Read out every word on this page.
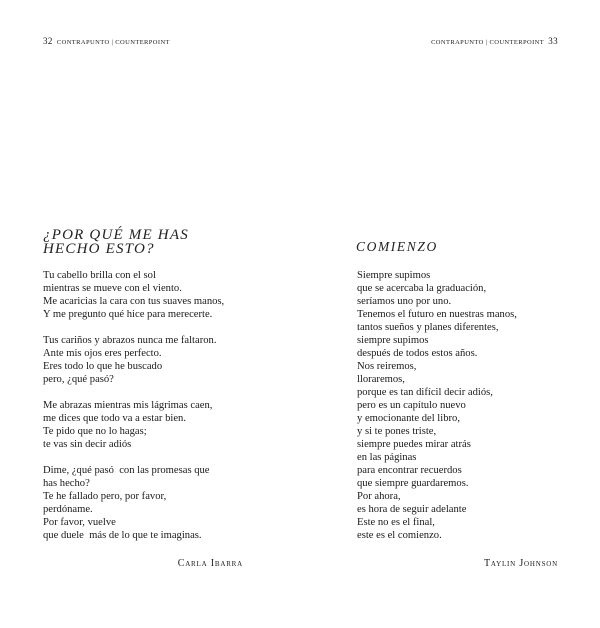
32 CONTRAPUNTO | COUNTERPOINT
¿POR QUÉ ME HAS
HECHO ESTO?
Tu cabello brilla con el sol
mientras se mueve con el viento.
Me acaricias la cara con tus suaves manos,
Y me pregunto qué hice para merecerte.
Tus cariños y abrazos nunca me faltaron.
Ante mis ojos eres perfecto.
Eres todo lo que he buscado
pero, ¿qué pasó?
Me abrazas mientras mis lágrimas caen,
me dices que todo va a estar bien.
Te pido que no lo hagas;
te vas sin decir adiós
Dime, ¿qué pasó  con las promesas que
has hecho?
Te he fallado pero, por favor,
perdóname.
Por favor, vuelve
que duele  más de lo que te imaginas.
Carla Ibarra
CONTRAPUNTO | COUNTERPOINT 33
COMIENZO
Siempre supimos
que se acercaba la graduación,
seríamos uno por uno.
Tenemos el futuro en nuestras manos,
tantos sueños y planes diferentes,
siempre supimos
después de todos estos años.
Nos reiremos,
lloraremos,
porque es tan difícil decir adiós,
pero es un capítulo nuevo
y emocionante del libro,
y si te pones triste,
siempre puedes mirar atrás
en las páginas
para encontrar recuerdos
que siempre guardaremos.
Por ahora,
es hora de seguir adelante
Este no es el final,
este es el comienzo.
Taylin Johnson
